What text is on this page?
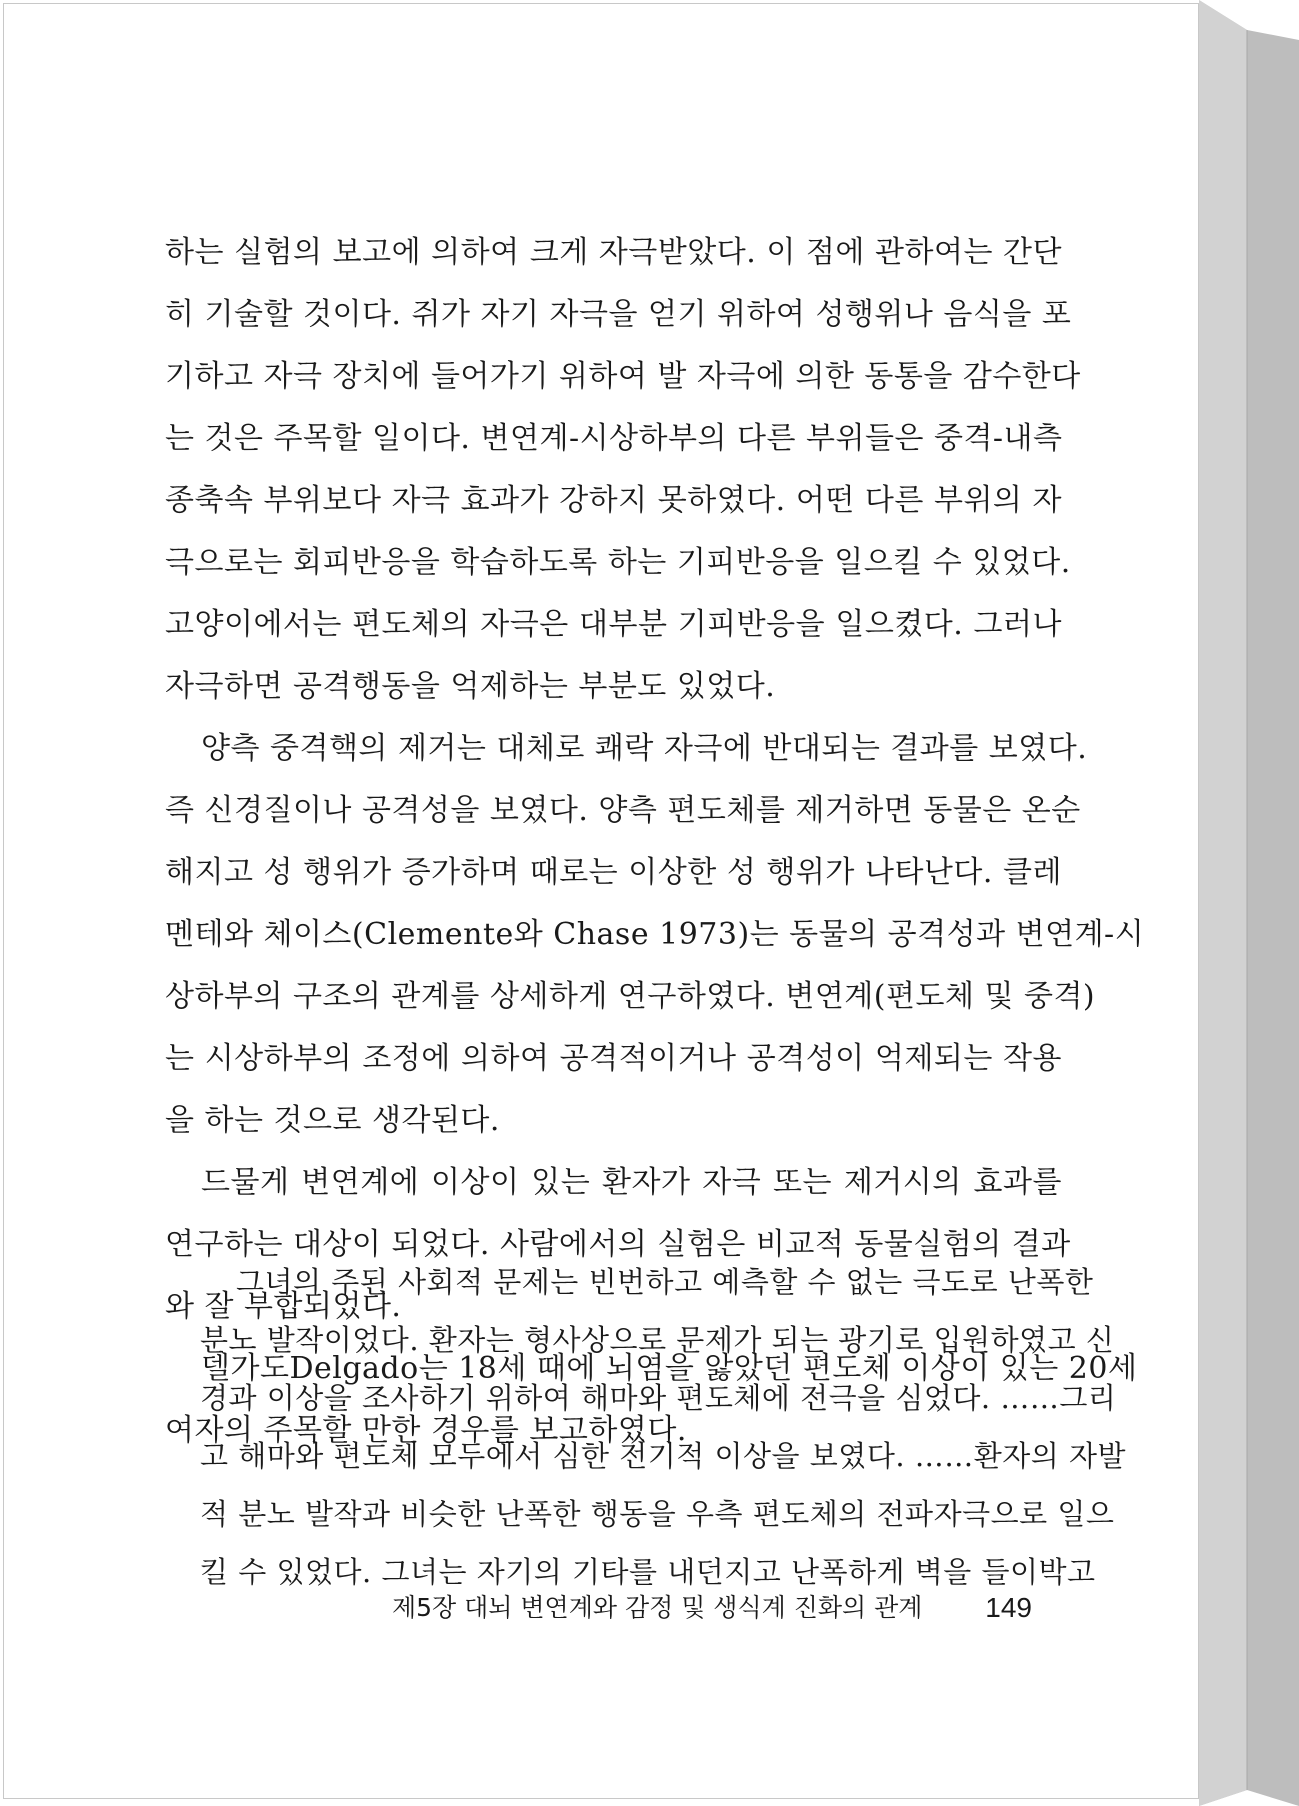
하는 실험의 보고에 의하여 크게 자극받았다. 이 점에 관하여는 간단
히 기술할 것이다. 쥐가 자기 자극을 얻기 위하여 성행위나 음식을 포
기하고 자극 장치에 들어가기 위하여 발 자극에 의한 동통을 감수한다
는 것은 주목할 일이다. 변연계-시상하부의 다른 부위들은 중격-내측
종축속 부위보다 자극 효과가 강하지 못하였다. 어떤 다른 부위의 자
극으로는 회피반응을 학습하도록 하는 기피반응을 일으킬 수 있었다.
고양이에서는 편도체의 자극은 대부분 기피반응을 일으켰다. 그러나
자극하면 공격행동을 억제하는 부분도 있었다.
양측 중격핵의 제거는 대체로 쾌락 자극에 반대되는 결과를 보였다.
즉 신경질이나 공격성을 보였다. 양측 편도체를 제거하면 동물은 온순
해지고 성 행위가 증가하며 때로는 이상한 성 행위가 나타난다. 클레
멘테와 체이스(Clemente와 Chase 1973)는 동물의 공격성과 변연계-시
상하부의 구조의 관계를 상세하게 연구하였다. 변연계(편도체 및 중격)
는 시상하부의 조정에 의하여 공격적이거나 공격성이 억제되는 작용
을 하는 것으로 생각된다.
드물게 변연계에 이상이 있는 환자가 자극 또는 제거시의 효과를
연구하는 대상이 되었다. 사람에서의 실험은 비교적 동물실험의 결과
와 잘 부합되었다.
델가도Delgado는 18세 때에 뇌염을 앓았던 편도체 이상이 있는 20세
여자의 주목할 만한 경우를 보고하였다.
그녀의 주된 사회적 문제는 빈번하고 예측할 수 없는 극도로 난폭한
분노 발작이었다. 환자는 형사상으로 문제가 되는 광기로 입원하였고 신
경과 이상을 조사하기 위하여 해마와 편도체에 전극을 심었다. ……그리
고 해마와 편도체 모두에서 심한 전기적 이상을 보였다. ……환자의 자발
적 분노 발작과 비슷한 난폭한 행동을 우측 편도체의 전파자극으로 일으
킬 수 있었다. 그녀는 자기의 기타를 내던지고 난폭하게 벽을 들이박고
제5장 대뇌 변연계와 감정 및 생식계 진화의 관계 149
